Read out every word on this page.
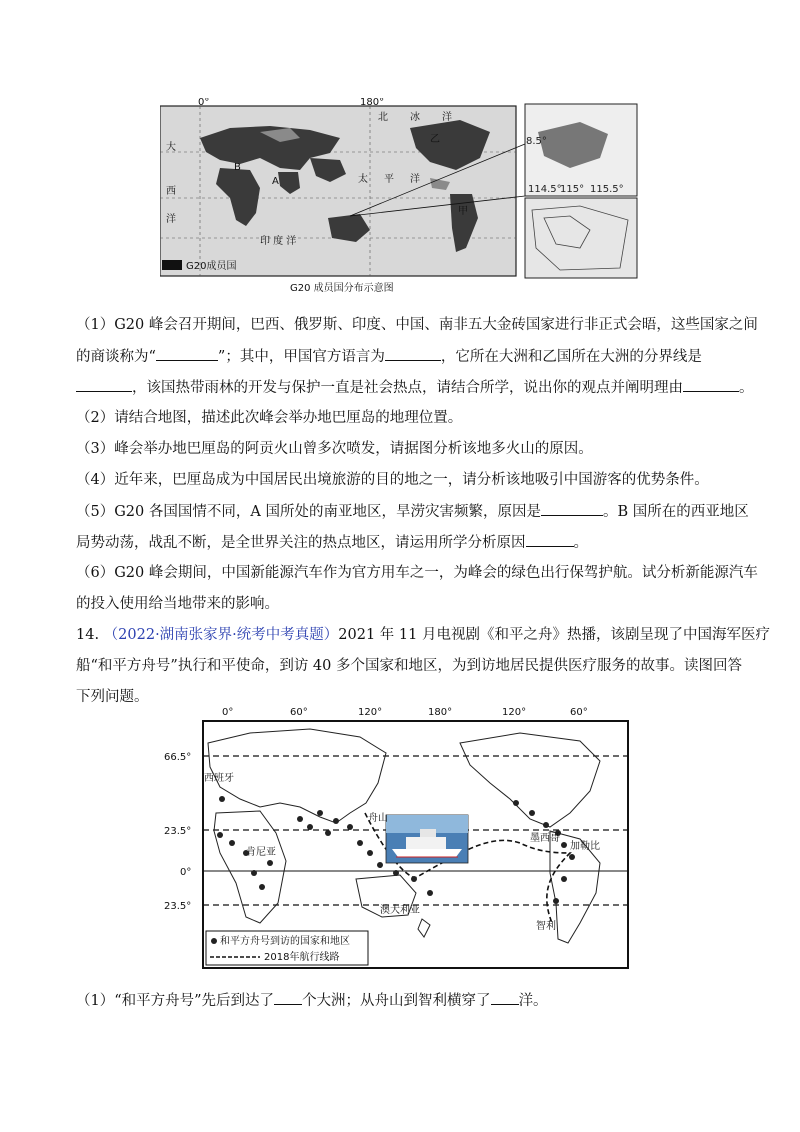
0°	180°
北 冰 洋
太 平 洋
印 度 洋
大
西
洋
A
B
甲
乙
G20成员国
114.5°
115° 115.5°
8.5°
G20 成员国分布示意图
（1）G20 峰会召开期间，巴西、俄罗斯、印度、中国、南非五大金砖国家进行非正式会晤，这些国家之间
的商谈称为“	”；其中，甲国官方语言为	，它所在大洲和乙国所在大洲的分界线是
，该国热带雨林的开发与保护一直是社会热点，请结合所学，说出你的观点并阐明理由	。
（2）请结合地图，描述此次峰会举办地巴厘岛的地理位置。
（3）峰会举办地巴厘岛的阿贡火山曾多次喷发，请据图分析该地多火山的原因。
（4）近年来，巴厘岛成为中国居民出境旅游的目的地之一，请分析该地吸引中国游客的优势条件。
（5）G20 各国国情不同，A 国所处的南亚地区，旱涝灾害频繁，原因是	。B 国所在的西亚地区
局势动荡，战乱不断，是全世界关注的热点地区，请运用所学分析原因	。
（6）G20 峰会期间，中国新能源汽车作为官方用车之一，为峰会的绿色出行保驾护航。试分析新能源汽车
的投入使用给当地带来的影响。
14. （2022·湖南张家界·统考中考真题）2021 年 11 月电视剧《和平之舟》热播，该剧呈现了中国海军医疗
船“和平方舟号”执行和平使命，到访 40 多个国家和地区，为到访地居民提供医疗服务的故事。读图回答
下列问题。
0°	60°	120°	180°	120°	60°
66.5°
23.5°
0°
23.5°
西班牙
肯尼亚
舟山
澳大利亚
墨西哥
加勒比
智利
和平方舟号到访的国家和地区
2018年航行线路
（1）“和平方舟号”先后到达了 个大洲；从舟山到智利横穿了 洋。
